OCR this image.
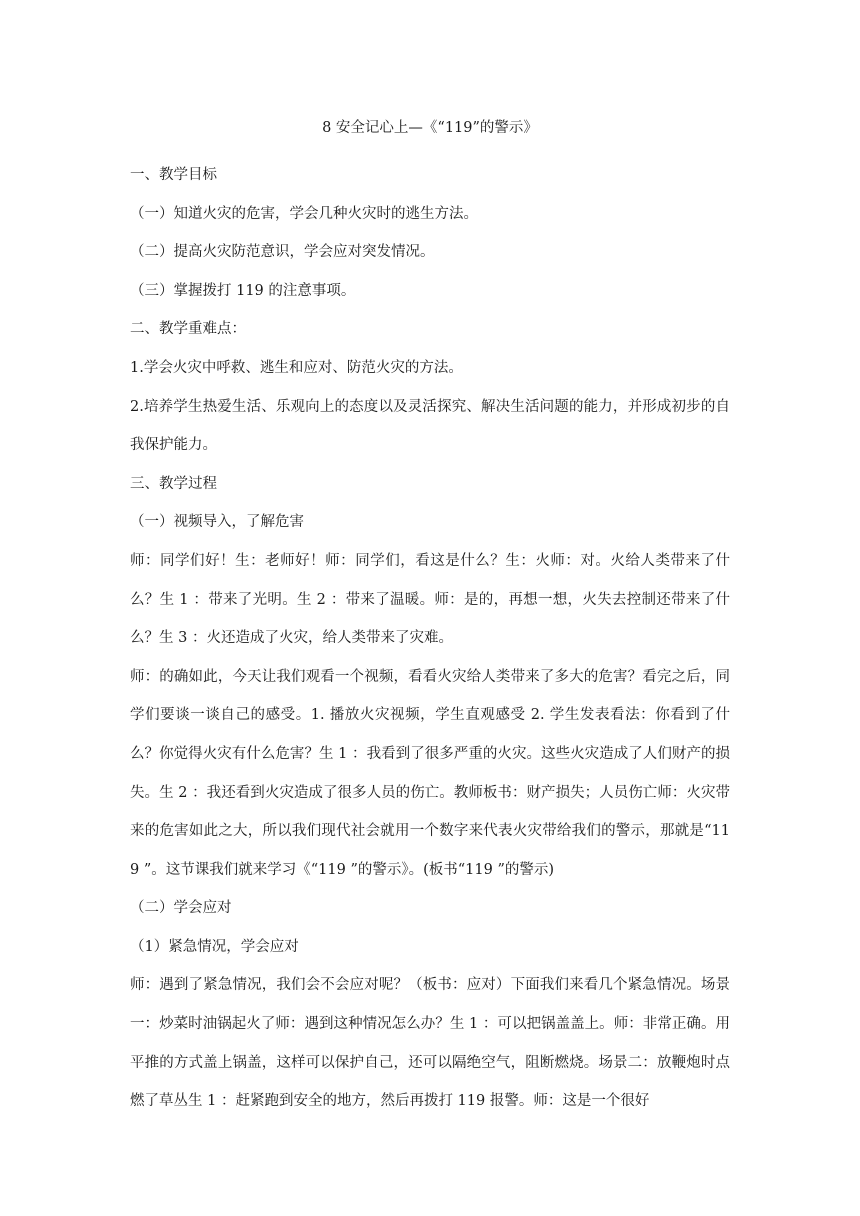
8 安全记心上—《“119”的警示》

一、教学目标

（一）知道火灾的危害，学会几种火灾时的逃生方法。

（二）提高火灾防范意识，学会应对突发情况。

（三）掌握拨打 119 的注意事项。

二、教学重难点：

1.学会火灾中呼救、逃生和应对、防范火灾的方法。

2.培养学生热爱生活、乐观向上的态度以及灵活探究、解决生活问题的能力，并形成初步的自我保护能力。

三、教学过程

（一）视频导入，了解危害

师：同学们好！生：老师好！师：同学们，看这是什么？生：火师：对。火给人类带来了什么？生 1 ：带来了光明。生 2 ：带来了温暖。师：是的，再想一想，火失去控制还带来了什么？生 3 ：火还造成了火灾，给人类带来了灾难。

师：的确如此，今天让我们观看一个视频，看看火灾给人类带来了多大的危害？看完之后，同学们要谈一谈自己的感受。1. 播放火灾视频，学生直观感受 2. 学生发表看法：你看到了什么？你觉得火灾有什么危害？生 1 ：我看到了很多严重的火灾。这些火灾造成了人们财产的损失。生 2 ：我还看到火灾造成了很多人员的伤亡。教师板书：财产损失；人员伤亡师：火灾带来的危害如此之大，所以我们现代社会就用一个数字来代表火灾带给我们的警示，那就是“119 ”。这节课我们就来学习《“119 ”的警示》。(板书“119 ”的警示)

（二）学会应对

（1）紧急情况，学会应对

师：遇到了紧急情况，我们会不会应对呢？（板书：应对）下面我们来看几个紧急情况。场景一：炒菜时油锅起火了师：遇到这种情况怎么办？生 1 ：可以把锅盖盖上。师：非常正确。用平推的方式盖上锅盖，这样可以保护自己，还可以隔绝空气，阻断燃烧。场景二：放鞭炮时点燃了草丛生 1 ：赶紧跑到安全的地方，然后再拨打 119 报警。师：这是一个很好
